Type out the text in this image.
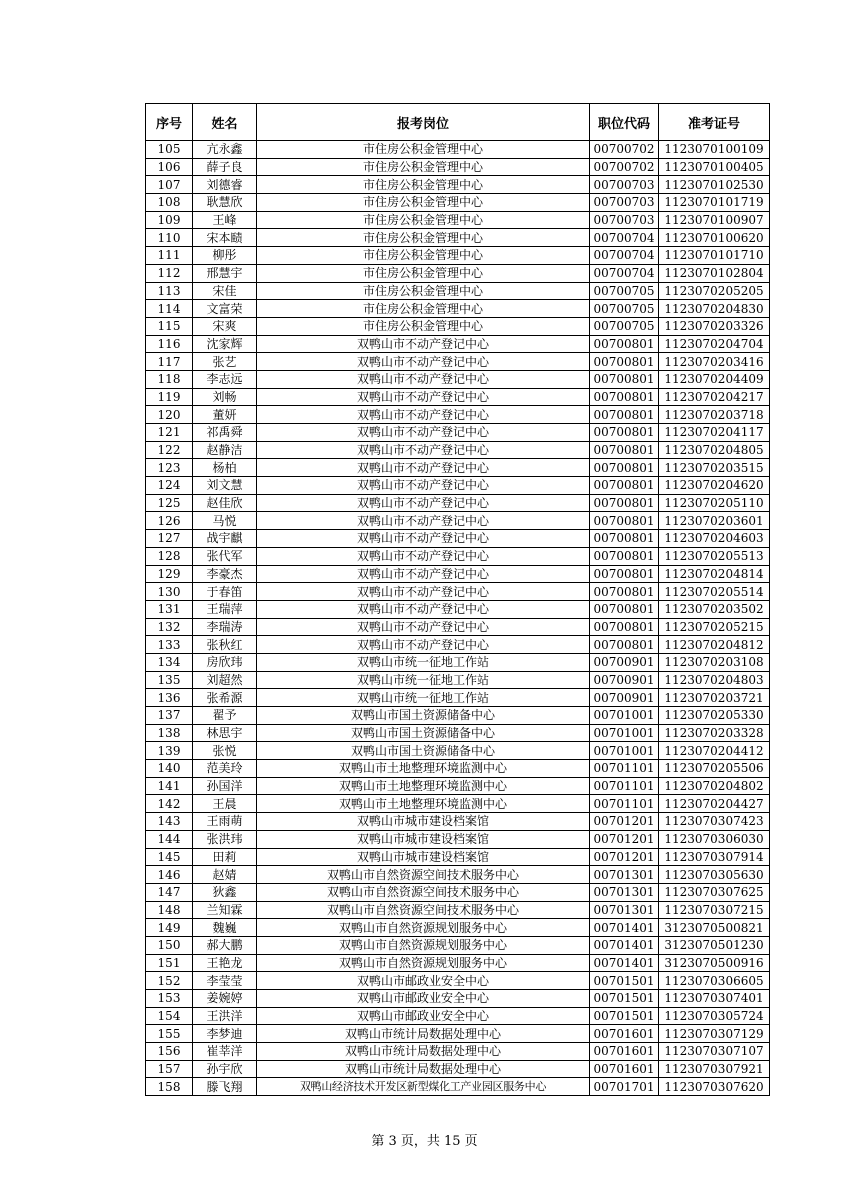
序号	姓名	报考岗位	职位代码	准考证号
105	亢永鑫	市住房公积金管理中心	00700702	1123070100109
106	薛子良	市住房公积金管理中心	00700702	1123070100405
107	刘德睿	市住房公积金管理中心	00700703	1123070102530
108	耿慧欣	市住房公积金管理中心	00700703	1123070101719
109	王峰	市住房公积金管理中心	00700703	1123070100907
110	宋本赜	市住房公积金管理中心	00700704	1123070100620
111	柳彤	市住房公积金管理中心	00700704	1123070101710
112	邢慧宇	市住房公积金管理中心	00700704	1123070102804
113	宋佳	市住房公积金管理中心	00700705	1123070205205
114	文富荣	市住房公积金管理中心	00700705	1123070204830
115	宋爽	市住房公积金管理中心	00700705	1123070203326
116	沈家辉	双鸭山市不动产登记中心	00700801	1123070204704
117	张艺	双鸭山市不动产登记中心	00700801	1123070203416
118	李志远	双鸭山市不动产登记中心	00700801	1123070204409
119	刘畅	双鸭山市不动产登记中心	00700801	1123070204217
120	董妍	双鸭山市不动产登记中心	00700801	1123070203718
121	祁禹舜	双鸭山市不动产登记中心	00700801	1123070204117
122	赵静洁	双鸭山市不动产登记中心	00700801	1123070204805
123	杨柏	双鸭山市不动产登记中心	00700801	1123070203515
124	刘文慧	双鸭山市不动产登记中心	00700801	1123070204620
125	赵佳欣	双鸭山市不动产登记中心	00700801	1123070205110
126	马悦	双鸭山市不动产登记中心	00700801	1123070203601
127	战宇麒	双鸭山市不动产登记中心	00700801	1123070204603
128	张代军	双鸭山市不动产登记中心	00700801	1123070205513
129	李豪杰	双鸭山市不动产登记中心	00700801	1123070204814
130	于春笛	双鸭山市不动产登记中心	00700801	1123070205514
131	王瑞萍	双鸭山市不动产登记中心	00700801	1123070203502
132	李瑞涛	双鸭山市不动产登记中心	00700801	1123070205215
133	张秋红	双鸭山市不动产登记中心	00700801	1123070204812
134	房欣玮	双鸭山市统一征地工作站	00700901	1123070203108
135	刘超然	双鸭山市统一征地工作站	00700901	1123070204803
136	张希源	双鸭山市统一征地工作站	00700901	1123070203721
137	翟予	双鸭山市国土资源储备中心	00701001	1123070205330
138	林思宇	双鸭山市国土资源储备中心	00701001	1123070203328
139	张悦	双鸭山市国土资源储备中心	00701001	1123070204412
140	范美玲	双鸭山市土地整理环境监测中心	00701101	1123070205506
141	孙国洋	双鸭山市土地整理环境监测中心	00701101	1123070204802
142	王晨	双鸭山市土地整理环境监测中心	00701101	1123070204427
143	王雨萌	双鸭山市城市建设档案馆	00701201	1123070307423
144	张洪玮	双鸭山市城市建设档案馆	00701201	1123070306030
145	田莉	双鸭山市城市建设档案馆	00701201	1123070307914
146	赵婧	双鸭山市自然资源空间技术服务中心	00701301	1123070305630
147	狄鑫	双鸭山市自然资源空间技术服务中心	00701301	1123070307625
148	兰知霖	双鸭山市自然资源空间技术服务中心	00701301	1123070307215
149	魏巍	双鸭山市自然资源规划服务中心	00701401	3123070500821
150	郝大鹏	双鸭山市自然资源规划服务中心	00701401	3123070501230
151	王艳龙	双鸭山市自然资源规划服务中心	00701401	3123070500916
152	李莹莹	双鸭山市邮政业安全中心	00701501	1123070306605
153	姜婉婷	双鸭山市邮政业安全中心	00701501	1123070307401
154	王洪洋	双鸭山市邮政业安全中心	00701501	1123070305724
155	李梦迪	双鸭山市统计局数据处理中心	00701601	1123070307129
156	崔莘洋	双鸭山市统计局数据处理中心	00701601	1123070307107
157	孙宇欣	双鸭山市统计局数据处理中心	00701601	1123070307921
158	滕飞翔	双鸭山经济技术开发区新型煤化工产业园区服务中心	00701701	1123070307620
第 3 页，共 15 页
